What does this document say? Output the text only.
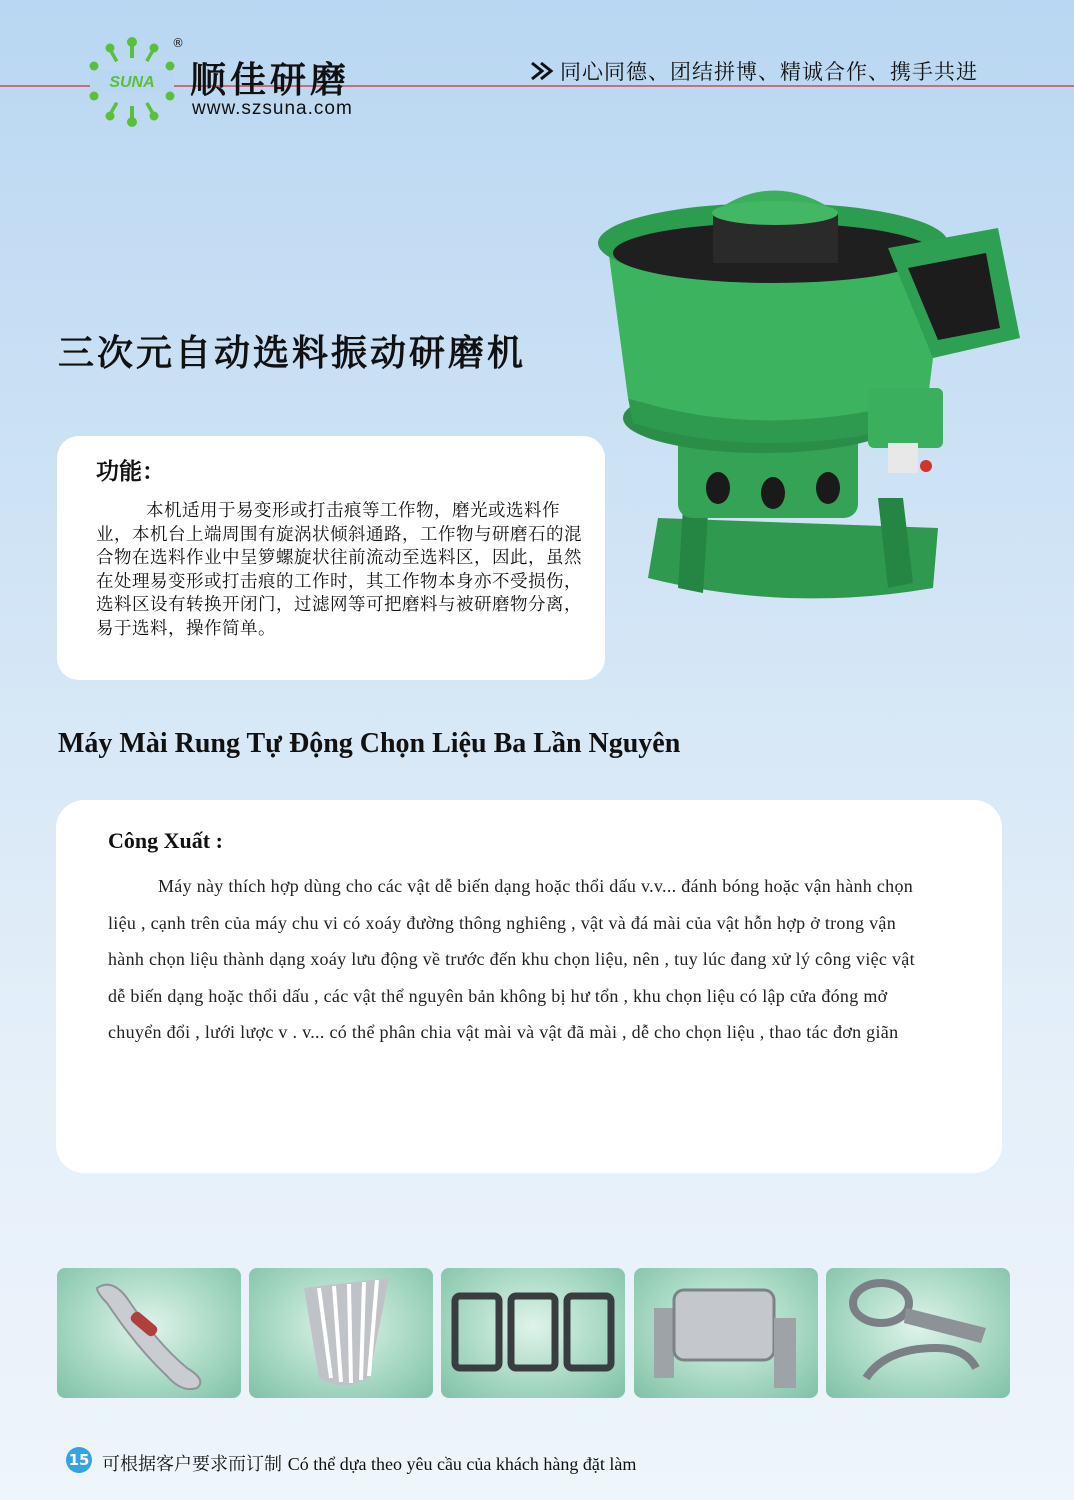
SUNA
®
顺佳研磨
www.szsuna.com
同心同德、团结拼博、精诚合作、携手共进
三次元自动选料振动研磨机
功能：
本机适用于易变形或打击痕等工作物，磨光或选料作业，本机台上端周围有旋涡状倾斜通路，工作物与研磨石的混合物在选料作业中呈箩螺旋状往前流动至选料区，因此，虽然在处理易变形或打击痕的工作时，其工作物本身亦不受损伤，选料区设有转换开闭门，过滤网等可把磨料与被研磨物分离，易于选料，操作简单。
Máy Mài Rung Tự Động Chọn Liệu Ba Lần Nguyên
Công Xuất :
Máy này thích hợp dùng cho các vật dễ biến dạng hoặc thổi dấu v.v... đánh bóng hoặc vận hành chọn liệu , cạnh trên của máy chu vi có xoáy đường thông nghiêng , vật và đá mài của vật hỗn hợp ở trong vận hành chọn liệu thành dạng xoáy lưu động về trước đến khu chọn liệu, nên , tuy lúc đang xử lý công việc vật dễ biến dạng hoặc thổi dấu , các vật thể nguyên bản không bị hư tổn , khu chọn liệu có lập cửa đóng mở chuyển đổi , lưới lược v . v... có thể phân chia vật mài và vật đã mài , dễ cho chọn liệu , thao tác đơn giãn
15 可根据客户要求而订制 Có thể dựa theo yêu cầu của khách hàng đặt làm
